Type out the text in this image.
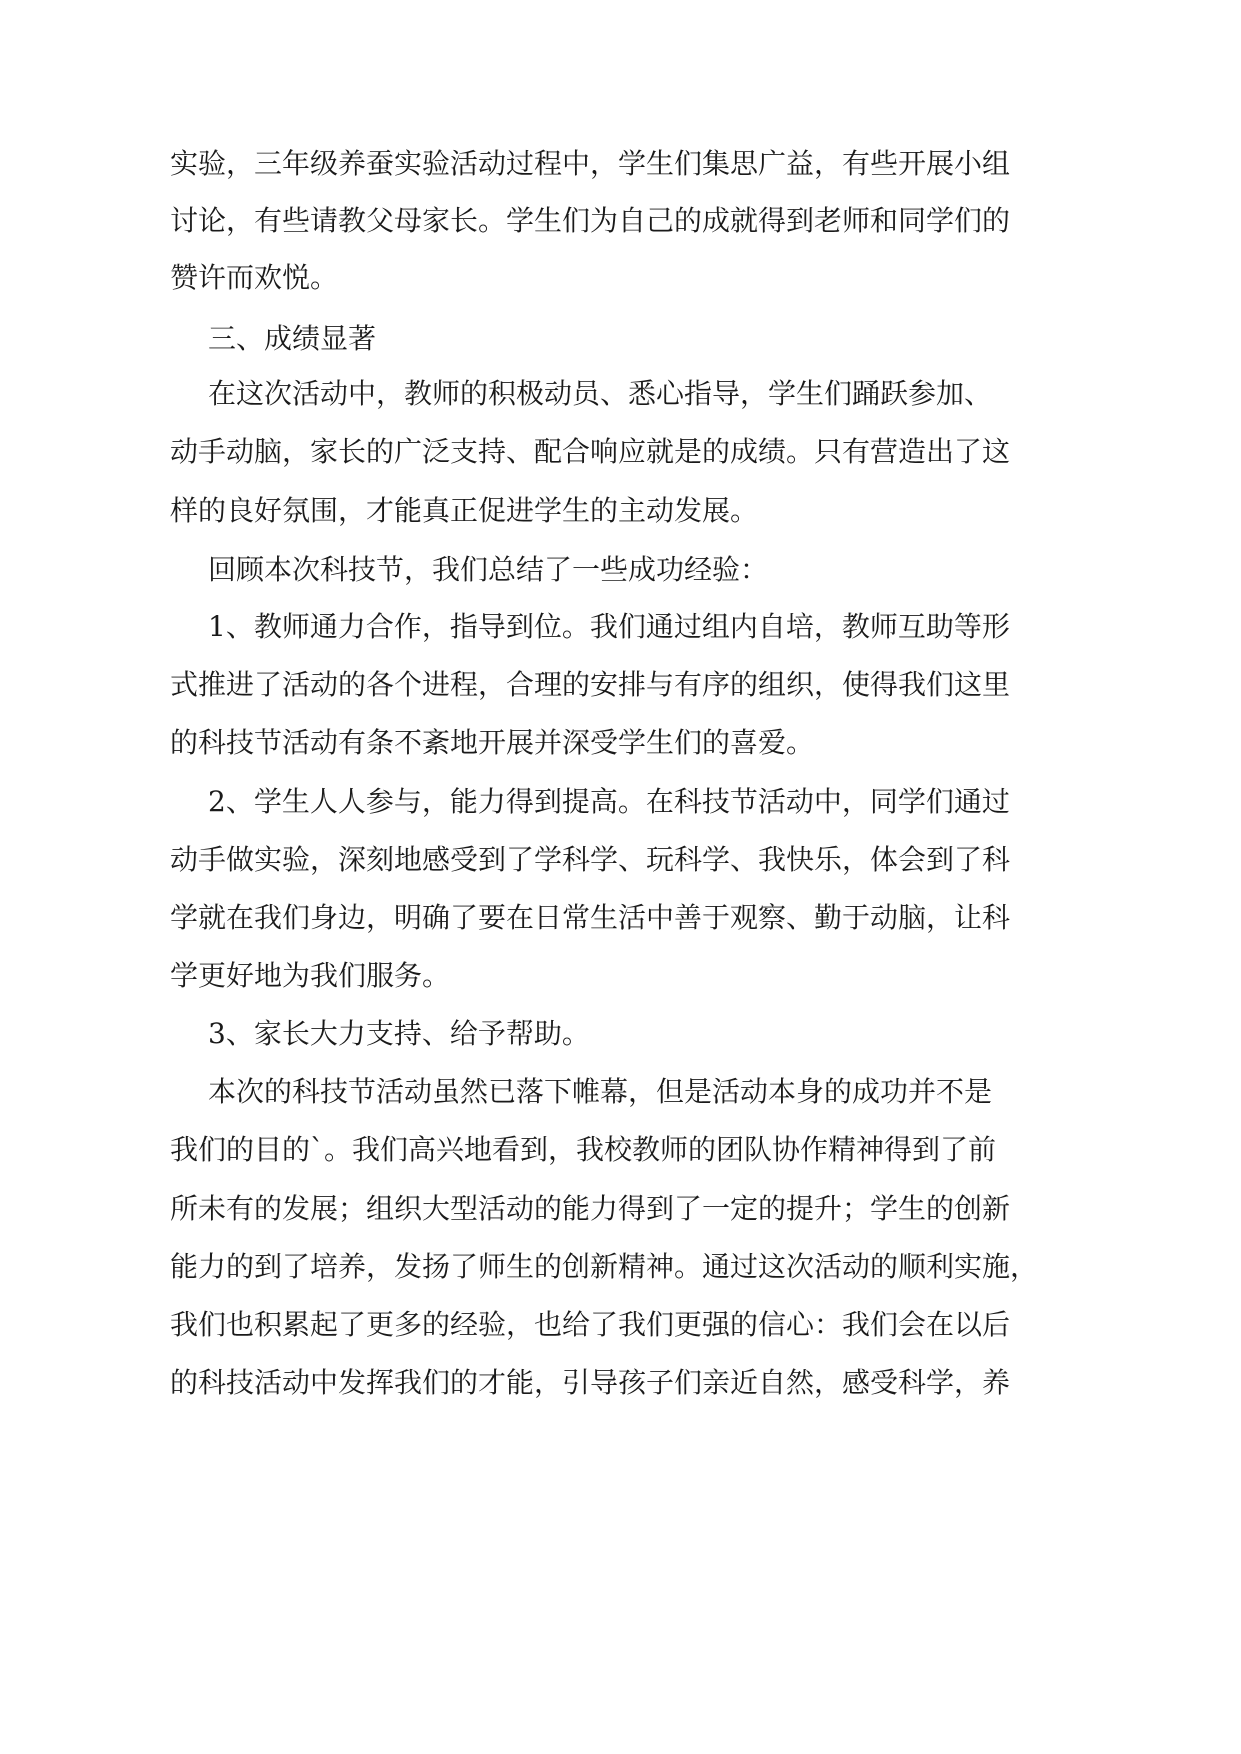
实验，三年级养蚕实验活动过程中，学生们集思广益，有些开展小组
讨论，有些请教父母家长。学生们为自己的成就得到老师和同学们的
赞许而欢悦。
三、成绩显著
在这次活动中，教师的积极动员、悉心指导，学生们踊跃参加、
动手动脑，家长的广泛支持、配合响应就是的成绩。只有营造出了这
样的良好氛围，才能真正促进学生的主动发展。
回顾本次科技节，我们总结了一些成功经验：
1、教师通力合作，指导到位。我们通过组内自培，教师互助等形
式推进了活动的各个进程，合理的安排与有序的组织，使得我们这里
的科技节活动有条不紊地开展并深受学生们的喜爱。
2、学生人人参与，能力得到提高。在科技节活动中，同学们通过
动手做实验，深刻地感受到了学科学、玩科学、我快乐，体会到了科
学就在我们身边，明确了要在日常生活中善于观察、勤于动脑，让科
学更好地为我们服务。
3、家长大力支持、给予帮助。
本次的科技节活动虽然已落下帷幕，但是活动本身的成功并不是
我们的目的`。我们高兴地看到，我校教师的团队协作精神得到了前
所未有的发展；组织大型活动的能力得到了一定的提升；学生的创新
能力的到了培养，发扬了师生的创新精神。通过这次活动的顺利实施，
我们也积累起了更多的经验，也给了我们更强的信心：我们会在以后
的科技活动中发挥我们的才能，引导孩子们亲近自然，感受科学，养
